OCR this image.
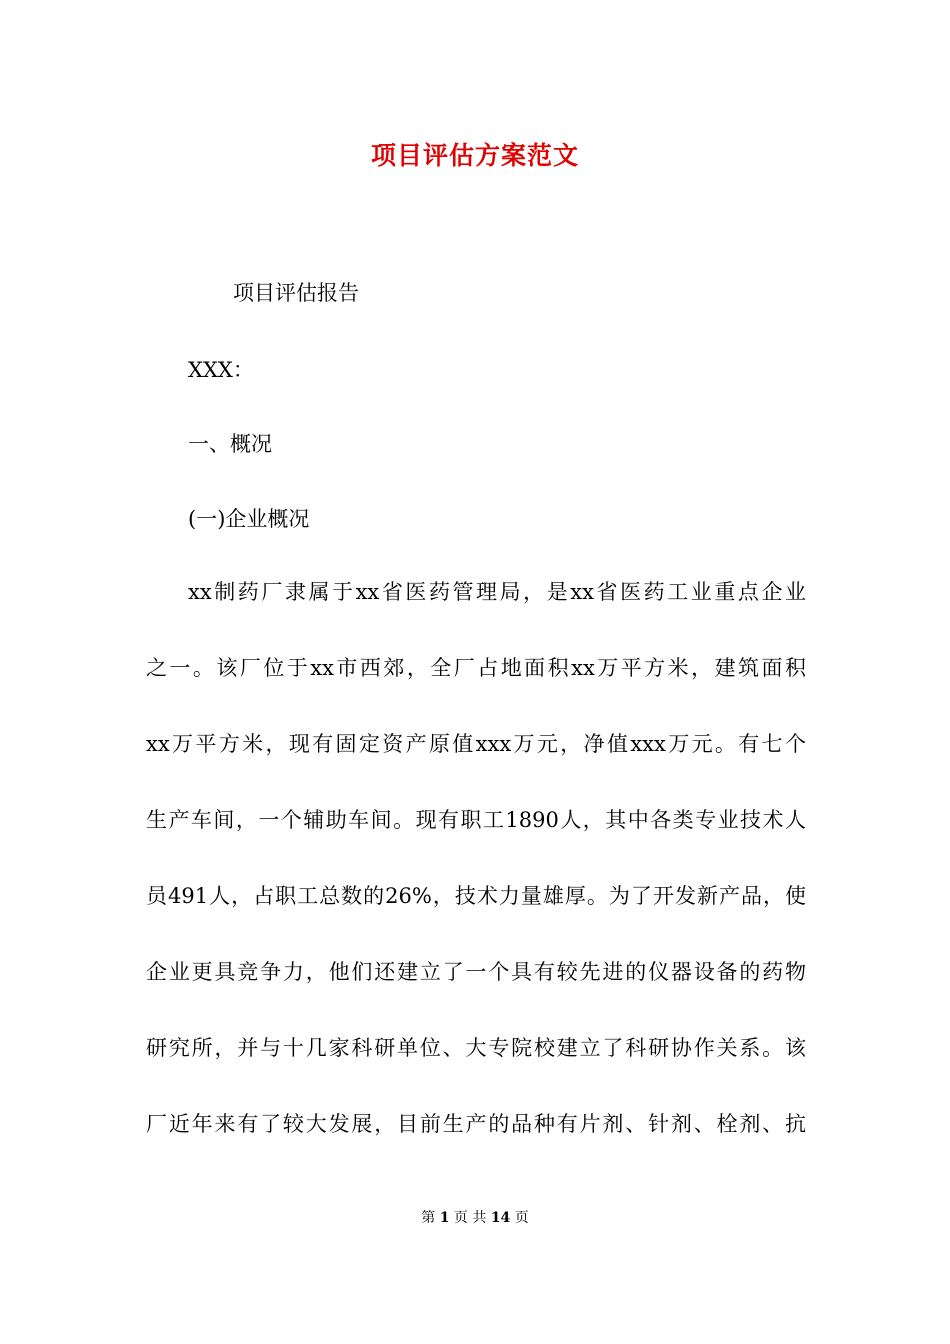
项目评估方案范文
项目评估报告
XXX：
一、概况
(一)企业概况
xx制药厂隶属于xx省医药管理局，是xx省医药工业重点企业
之一。该厂位于xx市西郊，全厂占地面积xx万平方米，建筑面积
xx万平方米，现有固定资产原值xxx万元，净值xxx万元。有七个
生产车间，一个辅助车间。现有职工1890人，其中各类专业技术人
员491人，占职工总数的26%，技术力量雄厚。为了开发新产品，使
企业更具竞争力，他们还建立了一个具有较先进的仪器设备的药物
研究所，并与十几家科研单位、大专院校建立了科研协作关系。该
厂近年来有了较大发展，目前生产的品种有片剂、针剂、栓剂、抗
第 1 页 共 14 页
